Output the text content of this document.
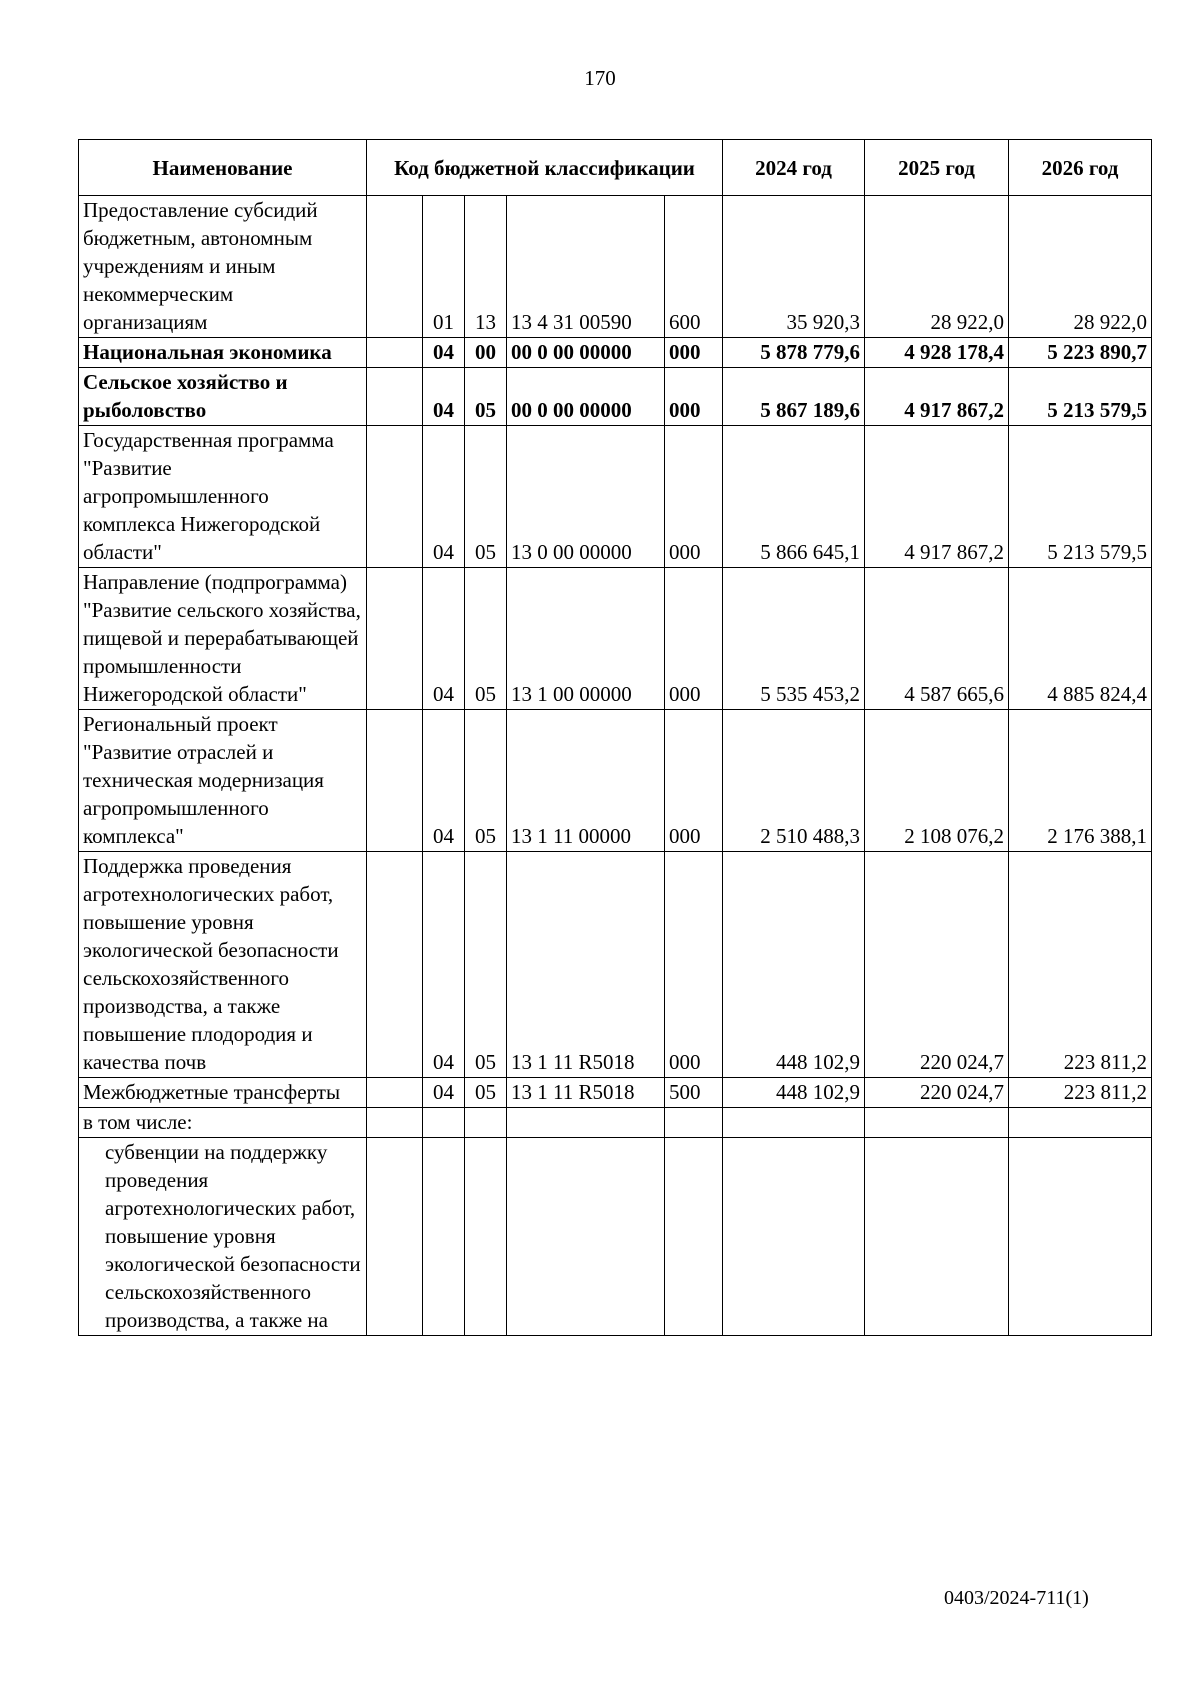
170
Наименование	Код бюджетной классификации					2024 год	2025 год	2026 год
Предоставление субсидий бюджетным, автономным учреждениям и иным некоммерческим организациям		01	13	13 4 31 00590	600	35 920,3	28 922,0	28 922,0
Национальная экономика		04	00	00 0 00 00000	000	5 878 779,6	4 928 178,4	5 223 890,7
Сельское хозяйство и рыболовство		04	05	00 0 00 00000	000	5 867 189,6	4 917 867,2	5 213 579,5
Государственная программа "Развитие агропромышленного комплекса Нижегородской области"		04	05	13 0 00 00000	000	5 866 645,1	4 917 867,2	5 213 579,5
Направление (подпрограмма) "Развитие сельского хозяйства, пищевой и перерабатывающей промышленности Нижегородской области"		04	05	13 1 00 00000	000	5 535 453,2	4 587 665,6	4 885 824,4
Региональный проект "Развитие отраслей и техническая модернизация агропромышленного комплекса"		04	05	13 1 11 00000	000	2 510 488,3	2 108 076,2	2 176 388,1
Поддержка проведения агротехнологических работ, повышение уровня экологической безопасности сельскохозяйственного производства, а также повышение плодородия и качества почв		04	05	13 1 11 R5018	000	448 102,9	220 024,7	223 811,2
Межбюджетные трансферты		04	05	13 1 11 R5018	500	448 102,9	220 024,7	223 811,2
в том числе:								
субвенции на поддержку проведения агротехнологических работ, повышение уровня экологической безопасности сельскохозяйственного производства, а также на								
0403/2024-711(1)
